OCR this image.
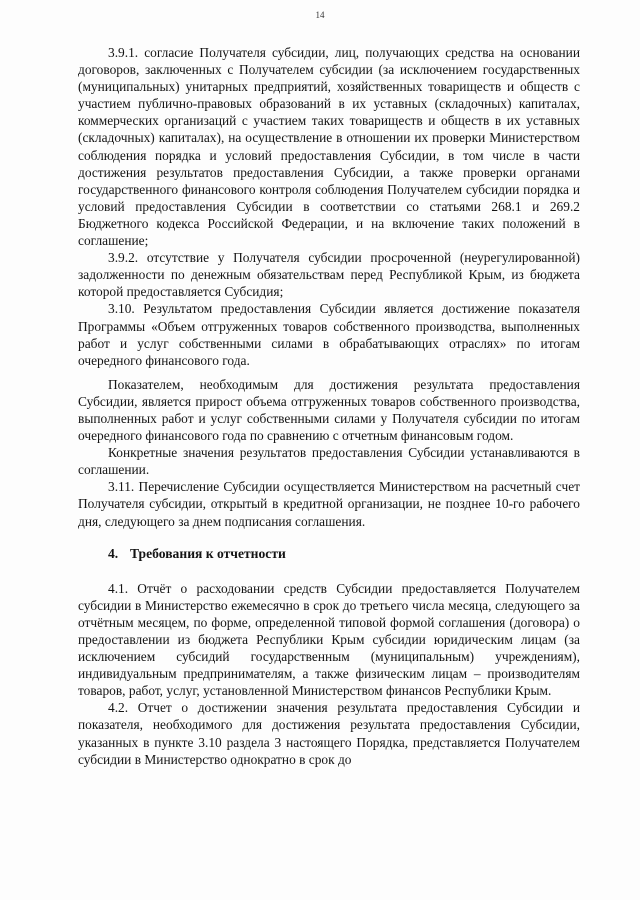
14

3.9.1. согласие Получателя субсидии, лиц, получающих средства на основании договоров, заключенных с Получателем субсидии (за исключением государственных (муниципальных) унитарных предприятий, хозяйственных товариществ и обществ с участием публично-правовых образований в их уставных (складочных) капиталах, коммерческих организаций с участием таких товариществ и обществ в их уставных (складочных) капиталах), на осуществление в отношении их проверки Министерством соблюдения порядка и условий предоставления Субсидии, в том числе в части достижения результатов предоставления Субсидии, а также проверки органами государственного финансового контроля соблюдения Получателем субсидии порядка и условий предоставления Субсидии в соответствии со статьями 268.1 и 269.2 Бюджетного кодекса Российской Федерации, и на включение таких положений в соглашение;

3.9.2. отсутствие у Получателя субсидии просроченной (неурегулированной) задолженности по денежным обязательствам перед Республикой Крым, из бюджета которой предоставляется Субсидия;

3.10. Результатом предоставления Субсидии является достижение показателя Программы «Объем отгруженных товаров собственного производства, выполненных работ и услуг собственными силами в обрабатывающих отраслях» по итогам очередного финансового года.

Показателем, необходимым для достижения результата предоставления Субсидии, является прирост объема отгруженных товаров собственного производства, выполненных работ и услуг собственными силами у Получателя субсидии по итогам очередного финансового года по сравнению с отчетным финансовым годом.

Конкретные значения результатов предоставления Субсидии устанавливаются в соглашении.

3.11. Перечисление Субсидии осуществляется Министерством на расчетный счет Получателя субсидии, открытый в кредитной организации, не позднее 10-го рабочего дня, следующего за днем подписания соглашения.

4. Требования к отчетности

4.1. Отчёт о расходовании средств Субсидии предоставляется Получателем субсидии в Министерство ежемесячно в срок до третьего числа месяца, следующего за отчётным месяцем, по форме, определенной типовой формой соглашения (договора) о предоставлении из бюджета Республики Крым субсидии юридическим лицам (за исключением субсидий государственным (муниципальным) учреждениям), индивидуальным предпринимателям, а также физическим лицам – производителям товаров, работ, услуг, установленной Министерством финансов Республики Крым.

4.2. Отчет о достижении значения результата предоставления Субсидии и показателя, необходимого для достижения результата предоставления Субсидии, указанных в пункте 3.10 раздела 3 настоящего Порядка, представляется Получателем субсидии в Министерство однократно в срок до
